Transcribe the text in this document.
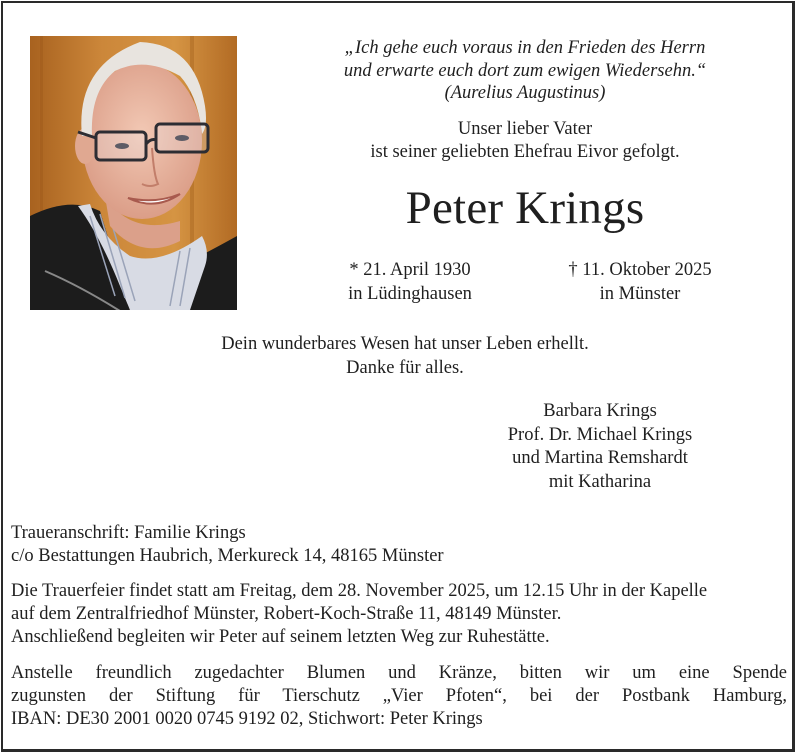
„Ich gehe euch voraus in den Frieden des Herrn
und erwarte euch dort zum ewigen Wiedersehn.“
(Aurelius Augustinus)
Unser lieber Vater
ist seiner geliebten Ehefrau Eivor gefolgt.
Peter Krings
* 21. April 1930
in Lüdinghausen
† 11. Oktober 2025
in Münster
Dein wunderbares Wesen hat unser Leben erhellt.
Danke für alles.
Barbara Krings
Prof. Dr. Michael Krings
und Martina Remshardt
mit Katharina
Traueranschrift: Familie Krings
c/o Bestattungen Haubrich, Merkureck 14, 48165 Münster
Die Trauerfeier findet statt am Freitag, dem 28. November 2025, um 12.15 Uhr in der Kapelle
auf dem Zentralfriedhof Münster, Robert-Koch-Straße 11, 48149 Münster.
Anschließend begleiten wir Peter auf seinem letzten Weg zur Ruhestätte.
Anstelle freundlich zugedachter Blumen und Kränze, bitten wir um eine Spende
zugunsten der Stiftung für Tierschutz „Vier Pfoten“, bei der Postbank Hamburg,
IBAN: DE30 2001 0020 0745 9192 02, Stichwort: Peter Krings
